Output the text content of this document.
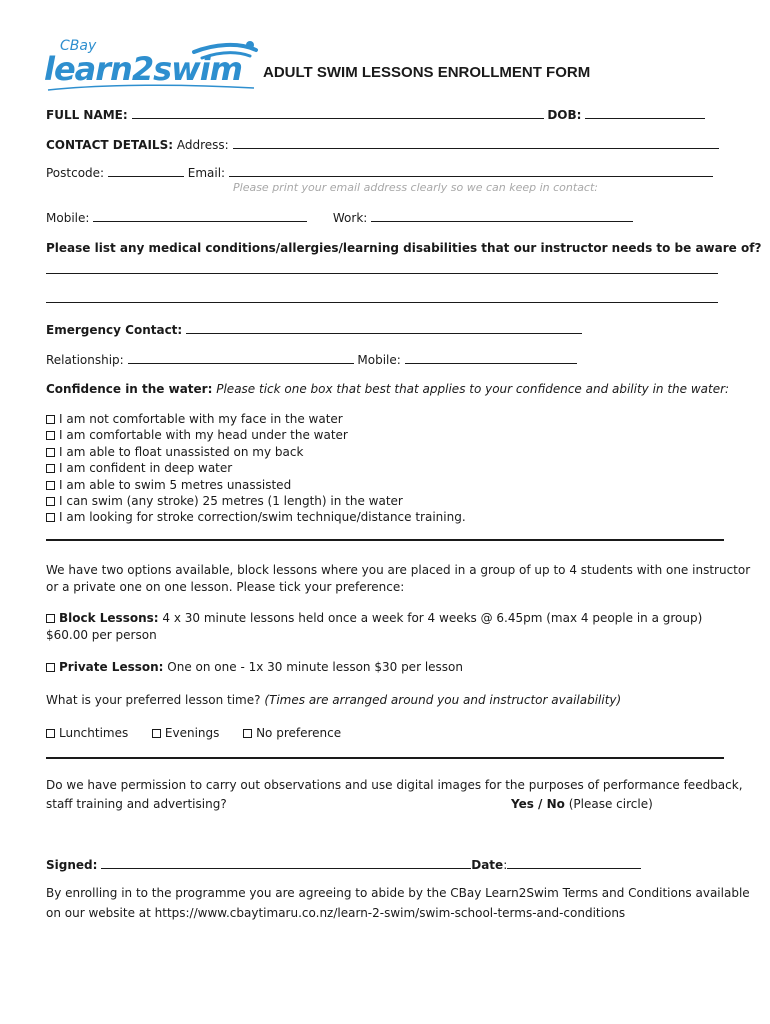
CBay
learn2swim ADULT SWIM LESSONS ENROLLMENT FORM
FULL NAME:	DOB:
CONTACT DETAILS: Address:
Postcode:	Email:
Please print your email address clearly so we can keep in contact:
Mobile:	Work:
Please list any medical conditions/allergies/learning disabilities that our instructor needs to be aware of?
Emergency Contact:
Relationship:	Mobile:
Confidence in the water: Please tick one box that best that applies to your confidence and ability in the water:
I am not comfortable with my face in the water
I am comfortable with my head under the water
I am able to float unassisted on my back
I am confident in deep water
I am able to swim 5 metres unassisted
I can swim (any stroke) 25 metres (1 length) in the water
I am looking for stroke correction/swim technique/distance training.
We have two options available, block lessons where you are placed in a group of up to 4 students with one instructor
or a private one on one lesson. Please tick your preference:
Block Lessons: 4 x 30 minute lessons held once a week for 4 weeks @ 6.45pm (max 4 people in a group)
$60.00 per person
Private Lesson: One on one - 1x 30 minute lesson $30 per lesson
What is your preferred lesson time? (Times are arranged around you and instructor availability)
Lunchtimes	Evenings	No preference
Do we have permission to carry out observations and use digital images for the purposes of performance feedback,
staff training and advertising?	Yes / No (Please circle)
Signed:	Date:
By enrolling in to the programme you are agreeing to abide by the CBay Learn2Swim Terms and Conditions available
on our website at https://www.cbaytimaru.co.nz/learn-2-swim/swim-school-terms-and-conditions
